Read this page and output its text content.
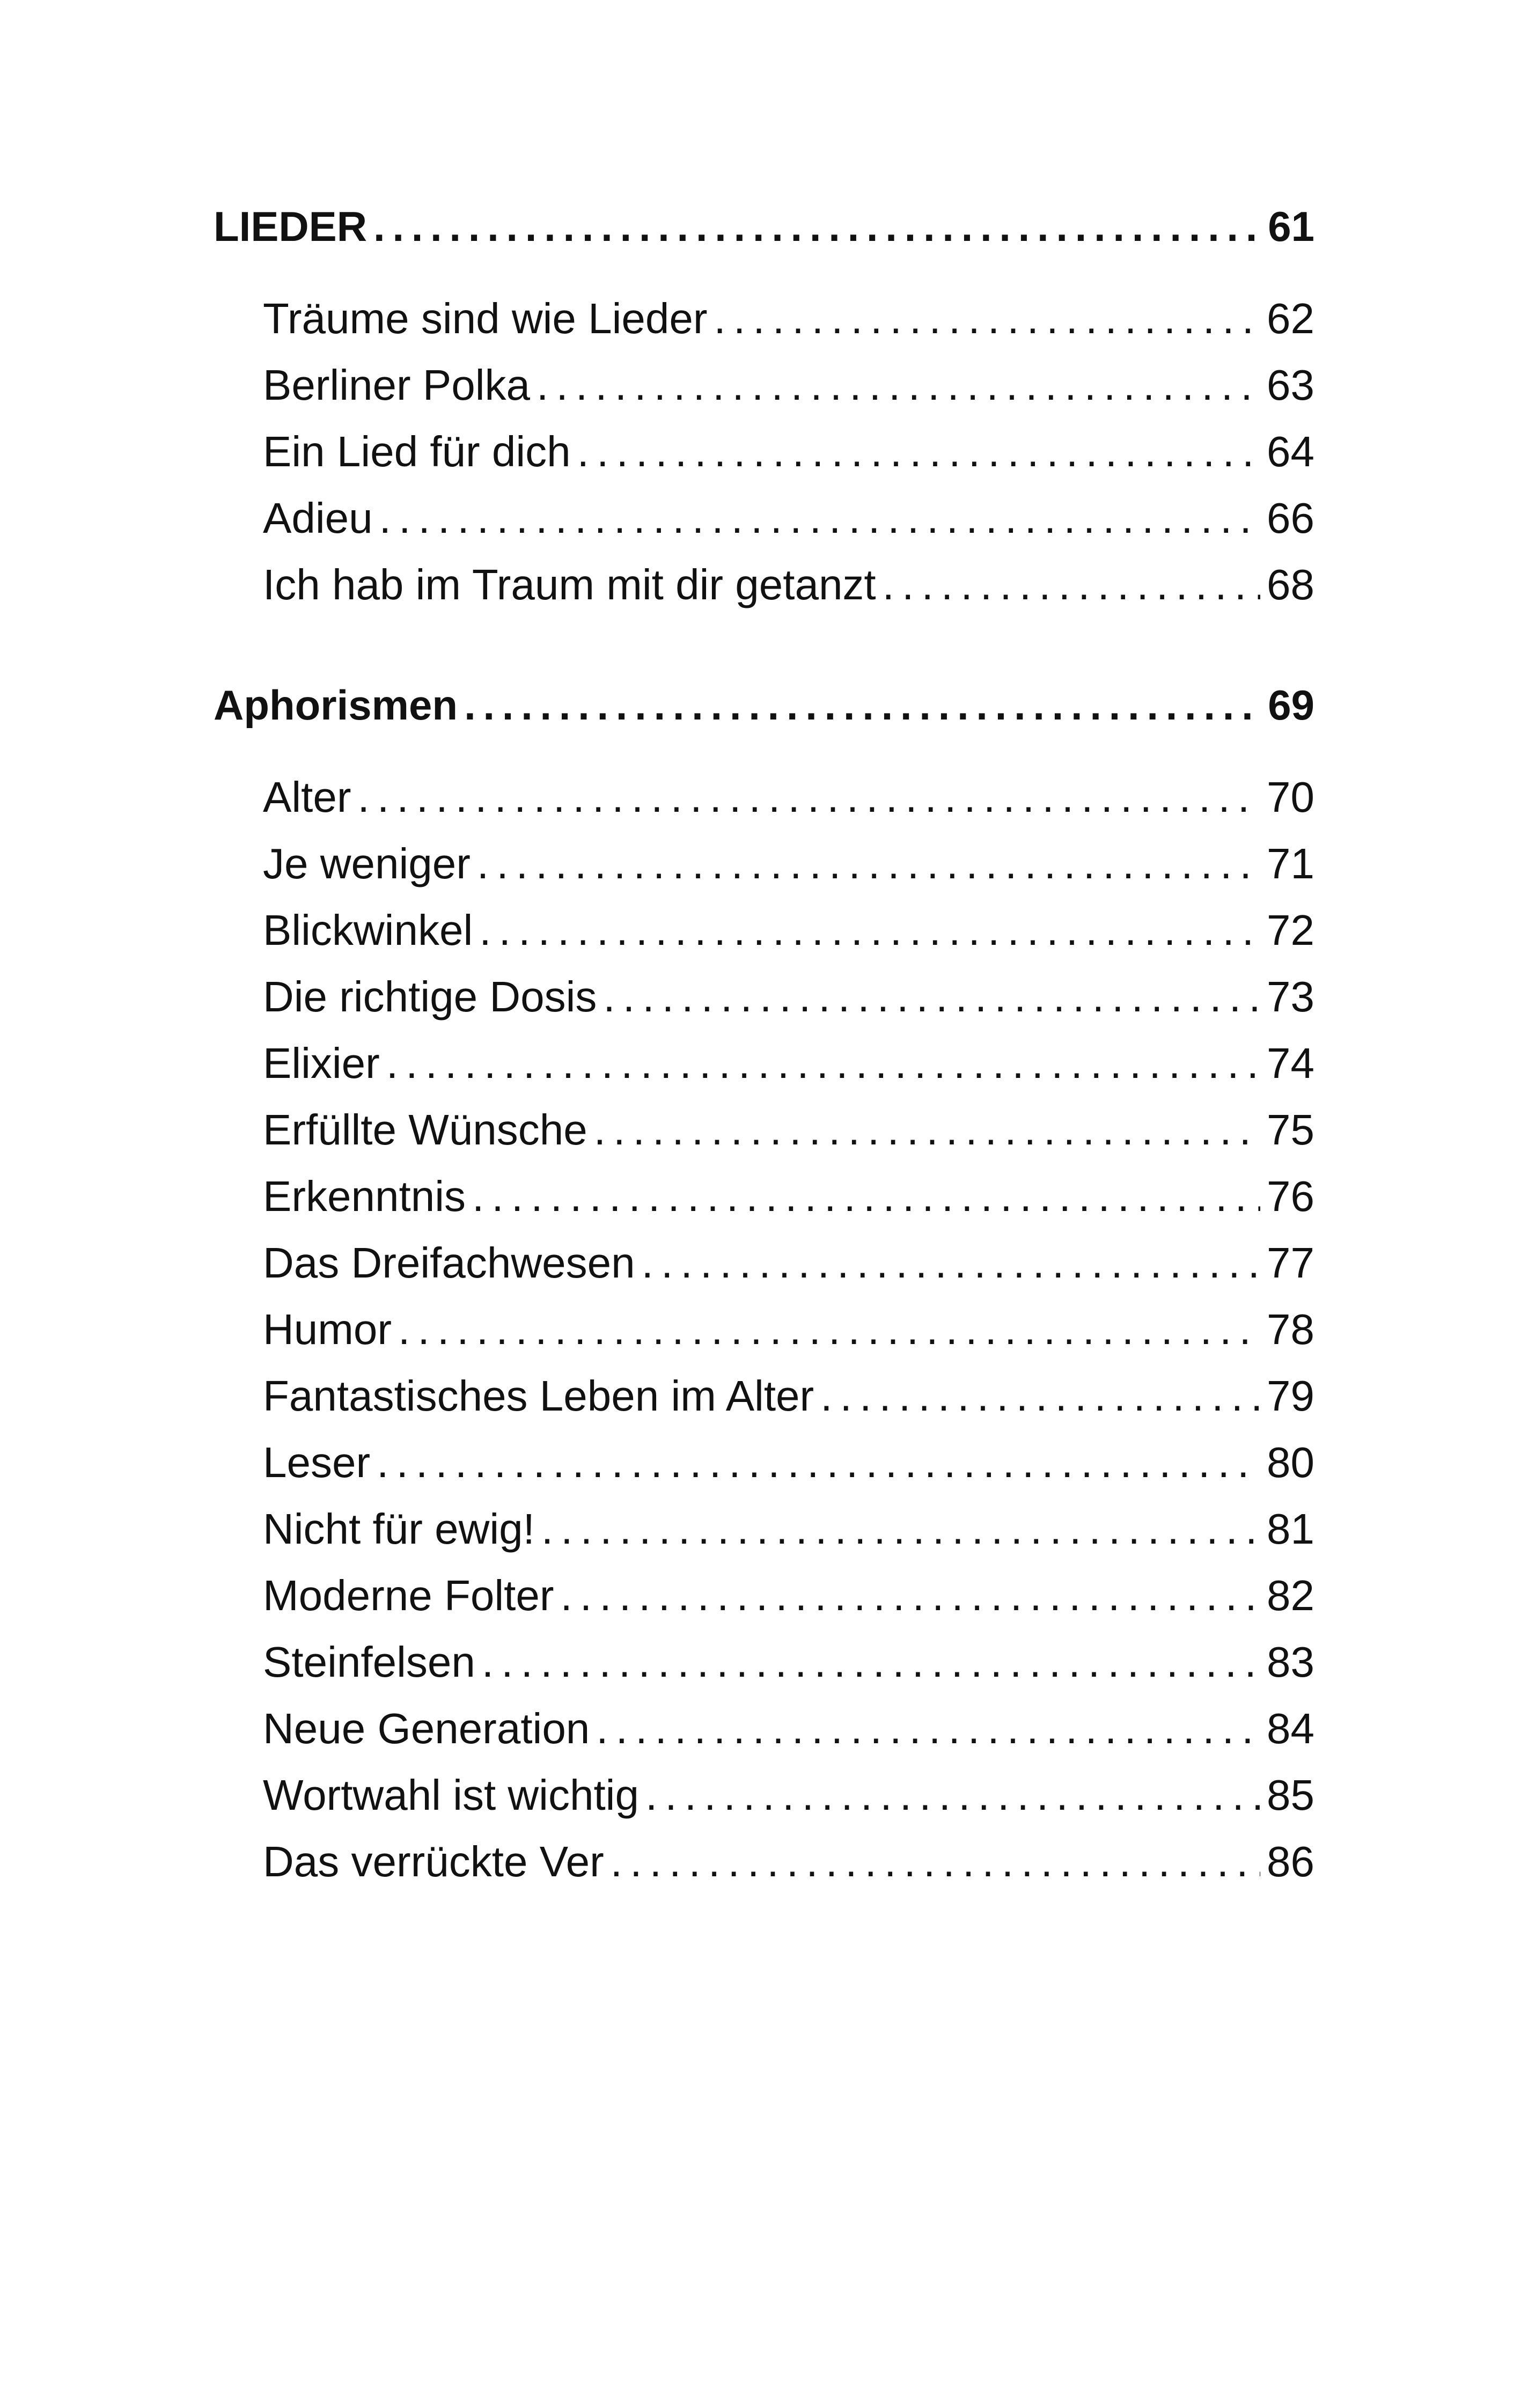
LIEDER . . .	61
Träume sind wie Lieder . . .	62
Berliner Polka . . .	63
Ein Lied für dich . . .	64
Adieu . . .	66
Ich hab im Traum mit dir getanzt . . .	68
Aphorismen . . .	69
Alter . . .	70
Je weniger . . .	71
Blickwinkel . . .	72
Die richtige Dosis . . .	73
Elixier . . .	74
Erfüllte Wünsche . . .	75
Erkenntnis . . .	76
Das Dreifachwesen . . .	77
Humor . . .	78
Fantastisches Leben im Alter . . .	79
Leser . . .	80
Nicht für ewig! . . .	81
Moderne Folter . . .	82
Steinfelsen . . .	83
Neue Generation . . .	84
Wortwahl ist wichtig . . .	85
Das verrückte Ver . . .	86
